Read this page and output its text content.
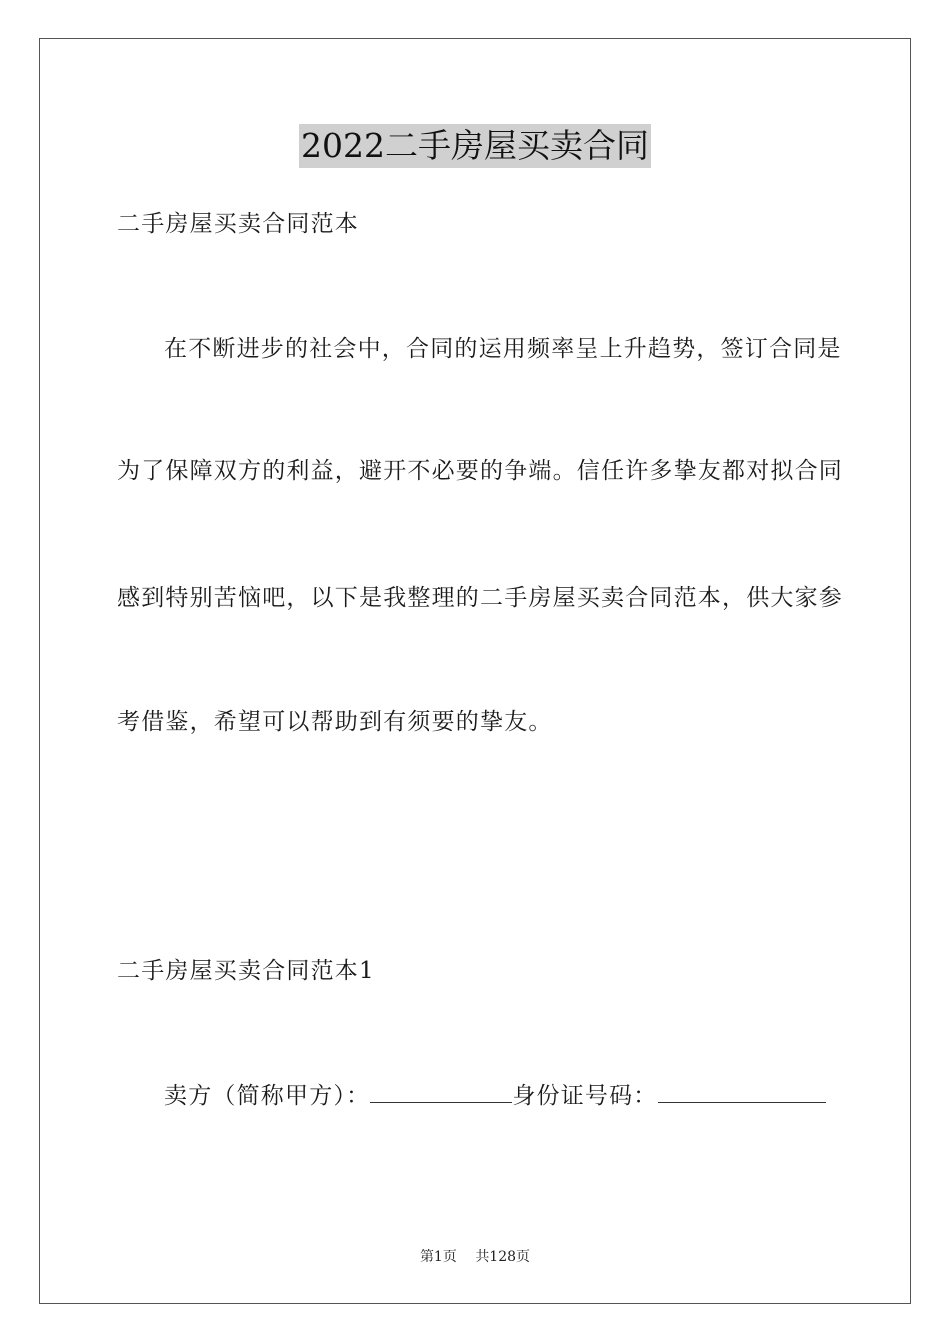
2022二手房屋买卖合同
二手房屋买卖合同范本
在不断进步的社会中，合同的运用频率呈上升趋势，签订合同是
为了保障双方的利益，避开不必要的争端。信任许多挚友都对拟合同
感到特别苦恼吧，以下是我整理的二手房屋买卖合同范本，供大家参
考借鉴，希望可以帮助到有须要的挚友。
二手房屋买卖合同范本1
卖方（简称甲方）：	身份证号码：
第1页 共128页
